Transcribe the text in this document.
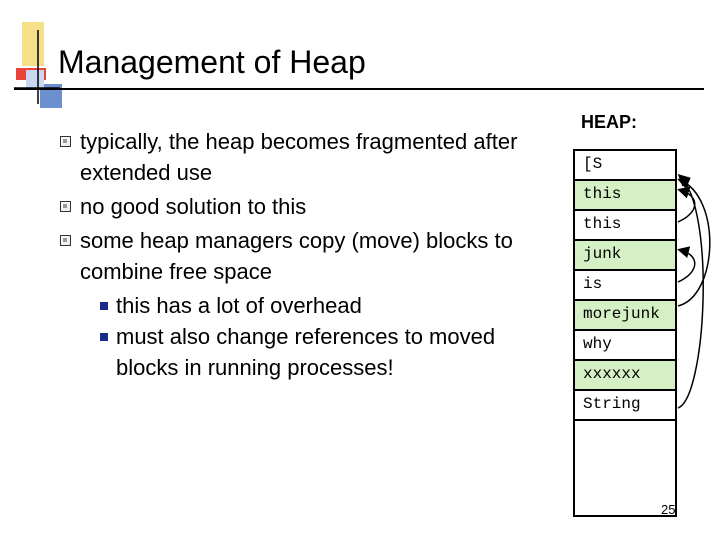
Management of Heap
typically, the heap becomes fragmented after extended use
no good solution to this
some heap managers copy (move) blocks to combine free space
this has a lot of overhead
must also change references to moved blocks in running processes!
HEAP:
[S
this
this
junk
is
morejunk
why
xxxxxx
String
25
